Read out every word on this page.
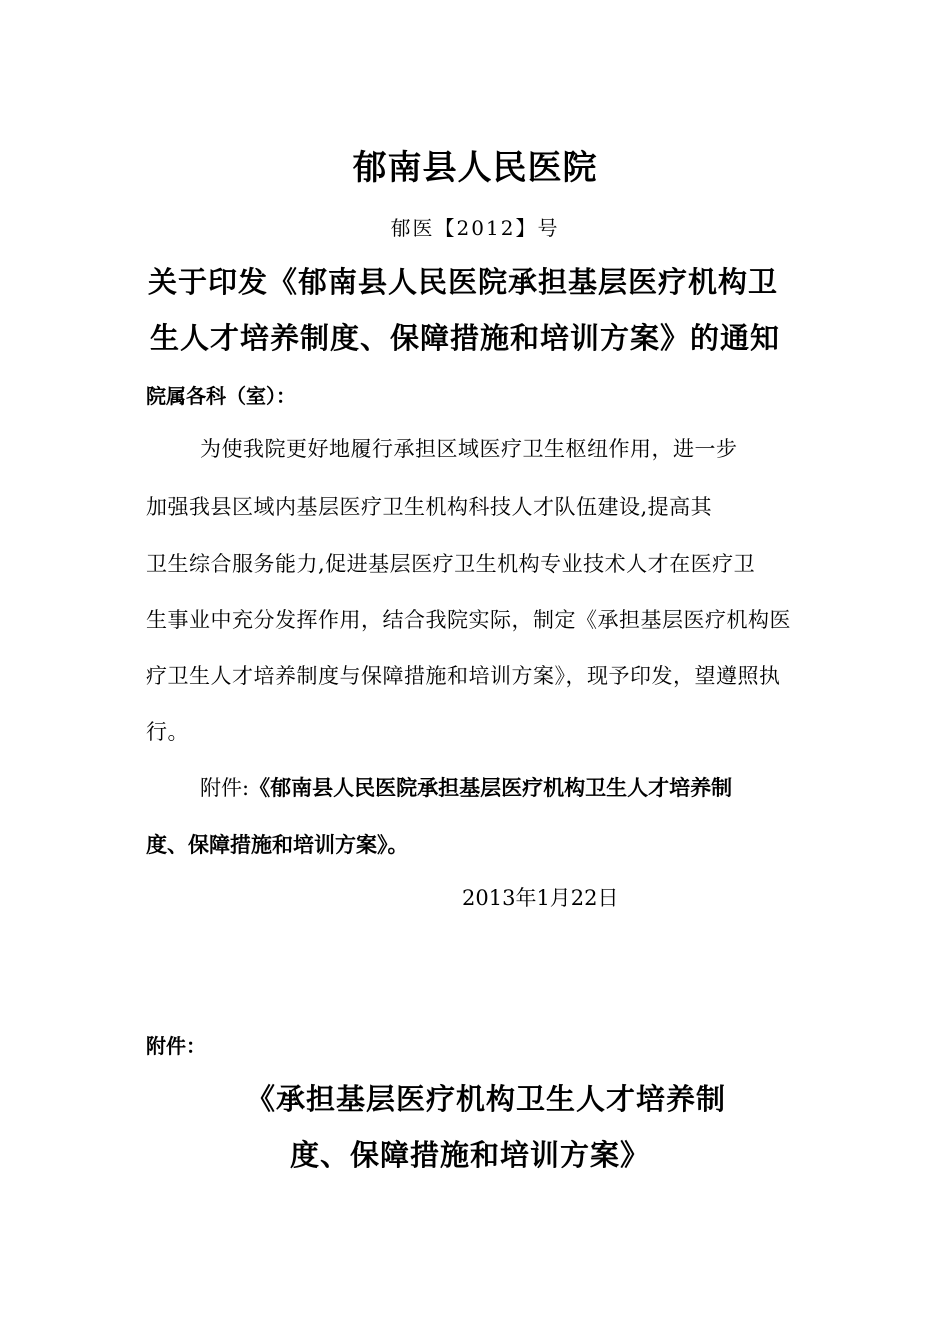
郁南县人民医院
郁医【2012】号
关于印发《郁南县人民医院承担基层医疗机构卫
生人才培养制度、保障措施和培训方案》的通知
院属各科（室）：
为使我院更好地履行承担区域医疗卫生枢纽作用，进一步
加强我县区域内基层医疗卫生机构科技人才队伍建设,提高其
卫生综合服务能力,促进基层医疗卫生机构专业技术人才在医疗卫
生事业中充分发挥作用，结合我院实际，制定《承担基层医疗机构医
疗卫生人才培养制度与保障措施和培训方案》，现予印发，望遵照执
行。
附件:《郁南县人民医院承担基层医疗机构卫生人才培养制
度、保障措施和培训方案》。
2013年1月22日
附件：
《承担基层医疗机构卫生人才培养制
度、保障措施和培训方案》
